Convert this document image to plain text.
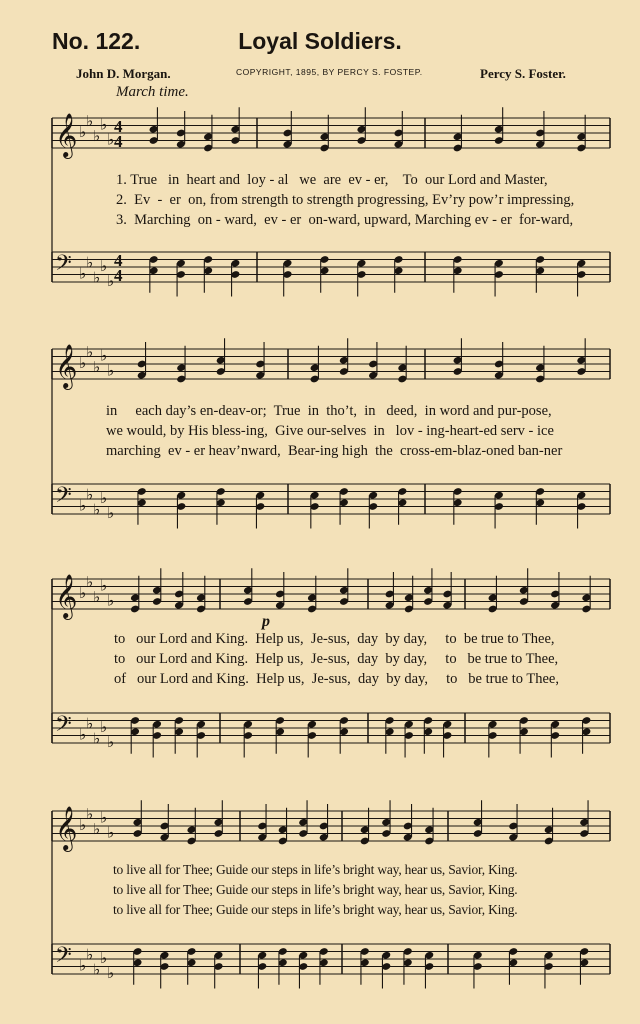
No. 122.	Loyal Soldiers.
John D. Morgan.	COPYRIGHT, 1895, BY PERCY S. FOSTEP.	Percy S. Foster.
March time.
p
𝄞 ♭
♭
♭
♭
♭
4
4
𝄢 ♭
♭
♭
♭
♭
4
4
𝄞 ♭
♭
♭
♭
♭
𝄢 ♭
♭
♭
♭
♭
𝄞 ♭
♭
♭
♭
♭
𝄢 ♭
♭
♭
♭
♭
𝄞 ♭
♭
♭
♭
♭
𝄢 ♭
♭
♭
♭
♭
1. True   in  heart and  loy - al   we  are  ev - er,    To  our Lord and Master,
2.  Ev  -  er  on, from strength to strength progressing, Ev’ry pow’r impressing,
3.  Marching  on - ward,  ev - er  on-ward, upward, Marching ev - er  for-ward,
in     each day’s en-deav-or;  True  in  tho’t,  in   deed,  in word and pur-pose,
we would, by His bless-ing,  Give our-selves  in   lov - ing-heart-ed serv - ice
marching  ev - er heav’nward,  Bear-ing high  the  cross-em-blaz-oned ban-ner
to   our Lord and King.  Help us,  Je-sus,  day  by day,     to  be true to Thee,
to   our Lord and King.  Help us,  Je-sus,  day  by day,     to   be true to Thee,
of   our Lord and King.  Help us,  Je-sus,  day  by day,     to   be true to Thee,
to live all for Thee; Guide our steps in life’s bright way, hear us, Savior, King.
to live all for Thee; Guide our steps in life’s bright way, hear us, Savior, King.
to live all for Thee; Guide our steps in life’s bright way, hear us, Savior, King.
